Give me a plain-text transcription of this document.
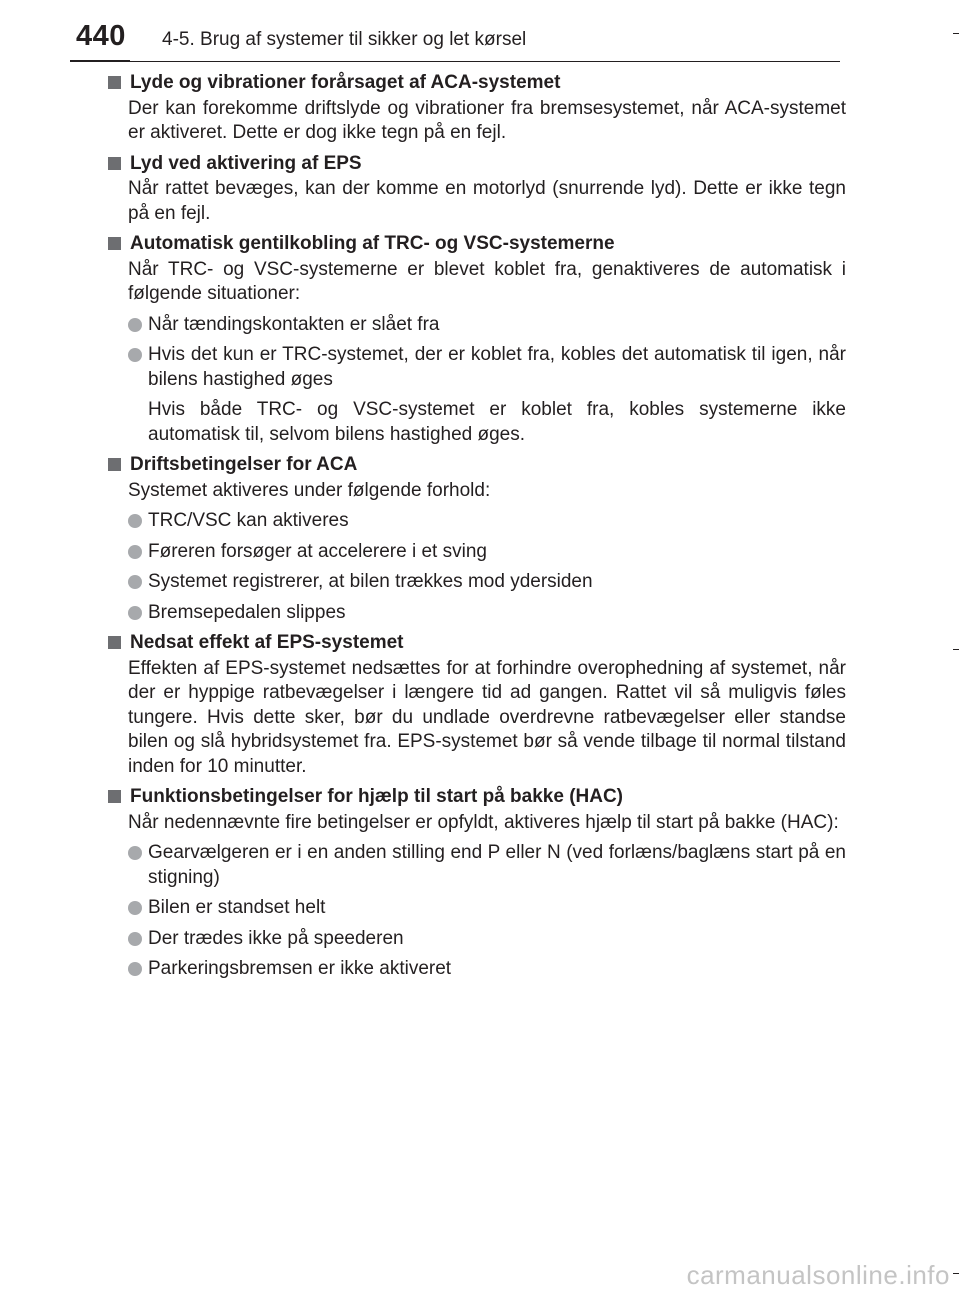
440 4-5. Brug af systemer til sikker og let kørsel
Lyde og vibrationer forårsaget af ACA-systemet
Der kan forekomme driftslyde og vibrationer fra bremsesystemet, når ACA-systemet er aktiveret. Dette er dog ikke tegn på en fejl.
Lyd ved aktivering af EPS
Når rattet bevæges, kan der komme en motorlyd (snurrende lyd). Dette er ikke tegn på en fejl.
Automatisk gentilkobling af TRC- og VSC-systemerne
Når TRC- og VSC-systemerne er blevet koblet fra, genaktiveres de automatisk i følgende situationer:
Når tændingskontakten er slået fra
Hvis det kun er TRC-systemet, der er koblet fra, kobles det automatisk til igen, når bilens hastighed øges
Hvis både TRC- og VSC-systemet er koblet fra, kobles systemerne ikke automatisk til, selvom bilens hastighed øges.
Driftsbetingelser for ACA
Systemet aktiveres under følgende forhold:
TRC/VSC kan aktiveres
Føreren forsøger at accelerere i et sving
Systemet registrerer, at bilen trækkes mod ydersiden
Bremsepedalen slippes
Nedsat effekt af EPS-systemet
Effekten af EPS-systemet nedsættes for at forhindre overophedning af systemet, når der er hyppige ratbevægelser i længere tid ad gangen. Rattet vil så muligvis føles tungere. Hvis dette sker, bør du undlade overdrevne ratbevægelser eller standse bilen og slå hybridsystemet fra. EPS-systemet bør så vende tilbage til normal tilstand inden for 10 minutter.
Funktionsbetingelser for hjælp til start på bakke (HAC)
Når nedennævnte fire betingelser er opfyldt, aktiveres hjælp til start på bakke (HAC):
Gearvælgeren er i en anden stilling end P eller N (ved forlæns/baglæns start på en stigning)
Bilen er standset helt
Der trædes ikke på speederen
Parkeringsbremsen er ikke aktiveret
carmanualsonline.info
